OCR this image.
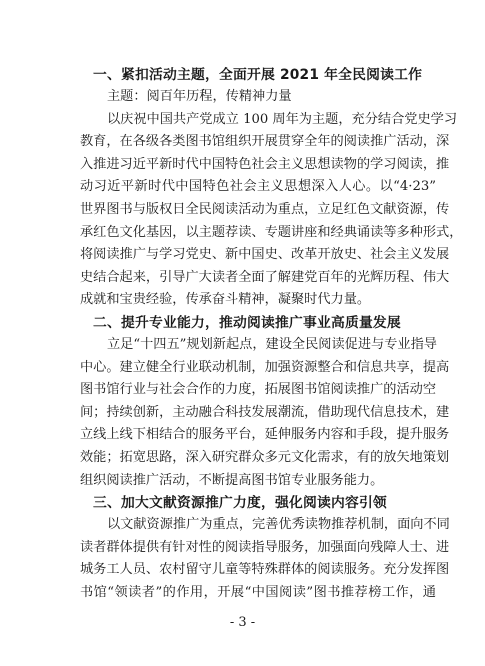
一、紧扣活动主题，全面开展 2021 年全民阅读工作

主题：阅百年历程，传精神力量

以庆祝中国共产党成立 100 周年为主题，充分结合党史学习
教育，在各级各类图书馆组织开展贯穿全年的阅读推广活动，深
入推进习近平新时代中国特色社会主义思想读物的学习阅读，推
动习近平新时代中国特色社会主义思想深入人心。以“4·23”
世界图书与版权日全民阅读活动为重点，立足红色文献资源，传
承红色文化基因，以主题荐读、专题讲座和经典诵读等多种形式，
将阅读推广与学习党史、新中国史、改革开放史、社会主义发展
史结合起来，引导广大读者全面了解建党百年的光辉历程、伟大
成就和宝贵经验，传承奋斗精神，凝聚时代力量。

二、提升专业能力，推动阅读推广事业高质量发展

立足“十四五”规划新起点，建设全民阅读促进与专业指导
中心。建立健全行业联动机制，加强资源整合和信息共享，提高
图书馆行业与社会合作的力度，拓展图书馆阅读推广的活动空
间；持续创新，主动融合科技发展潮流，借助现代信息技术，建
立线上线下相结合的服务平台，延伸服务内容和手段，提升服务
效能；拓宽思路，深入研究群众多元文化需求，有的放矢地策划
组织阅读推广活动，不断提高图书馆专业服务能力。

三、加大文献资源推广力度，强化阅读内容引领

以文献资源推广为重点，完善优秀读物推荐机制，面向不同
读者群体提供有针对性的阅读指导服务，加强面向残障人士、进
城务工人员、农村留守儿童等特殊群体的阅读服务。充分发挥图
书馆“领读者”的作用，开展“中国阅读”图书推荐榜工作，通
- 3 -
